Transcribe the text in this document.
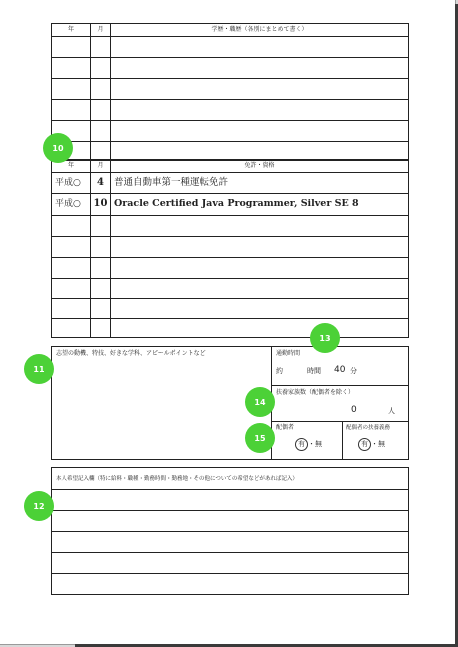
年	月	学歴・職歴（各別にまとめて書く）
年	月	免許・資格
平成○	4	普通自動車第一種運転免許
平成○ 10 Oracle Certified Java Programmer, Silver SE 8
志望の動機、特技、好きな学科、アピールポイントなど	通勤時間
約	時間 40 分
扶養家族数（配偶者を除く）
0	人
配偶者
有 ・無
配偶者の扶養義務
有 ・無
本人希望記入欄（特に給料・職種・勤務時間・勤務地・その他についての希望などがあれば記入）
10
11
12
13
14
15
